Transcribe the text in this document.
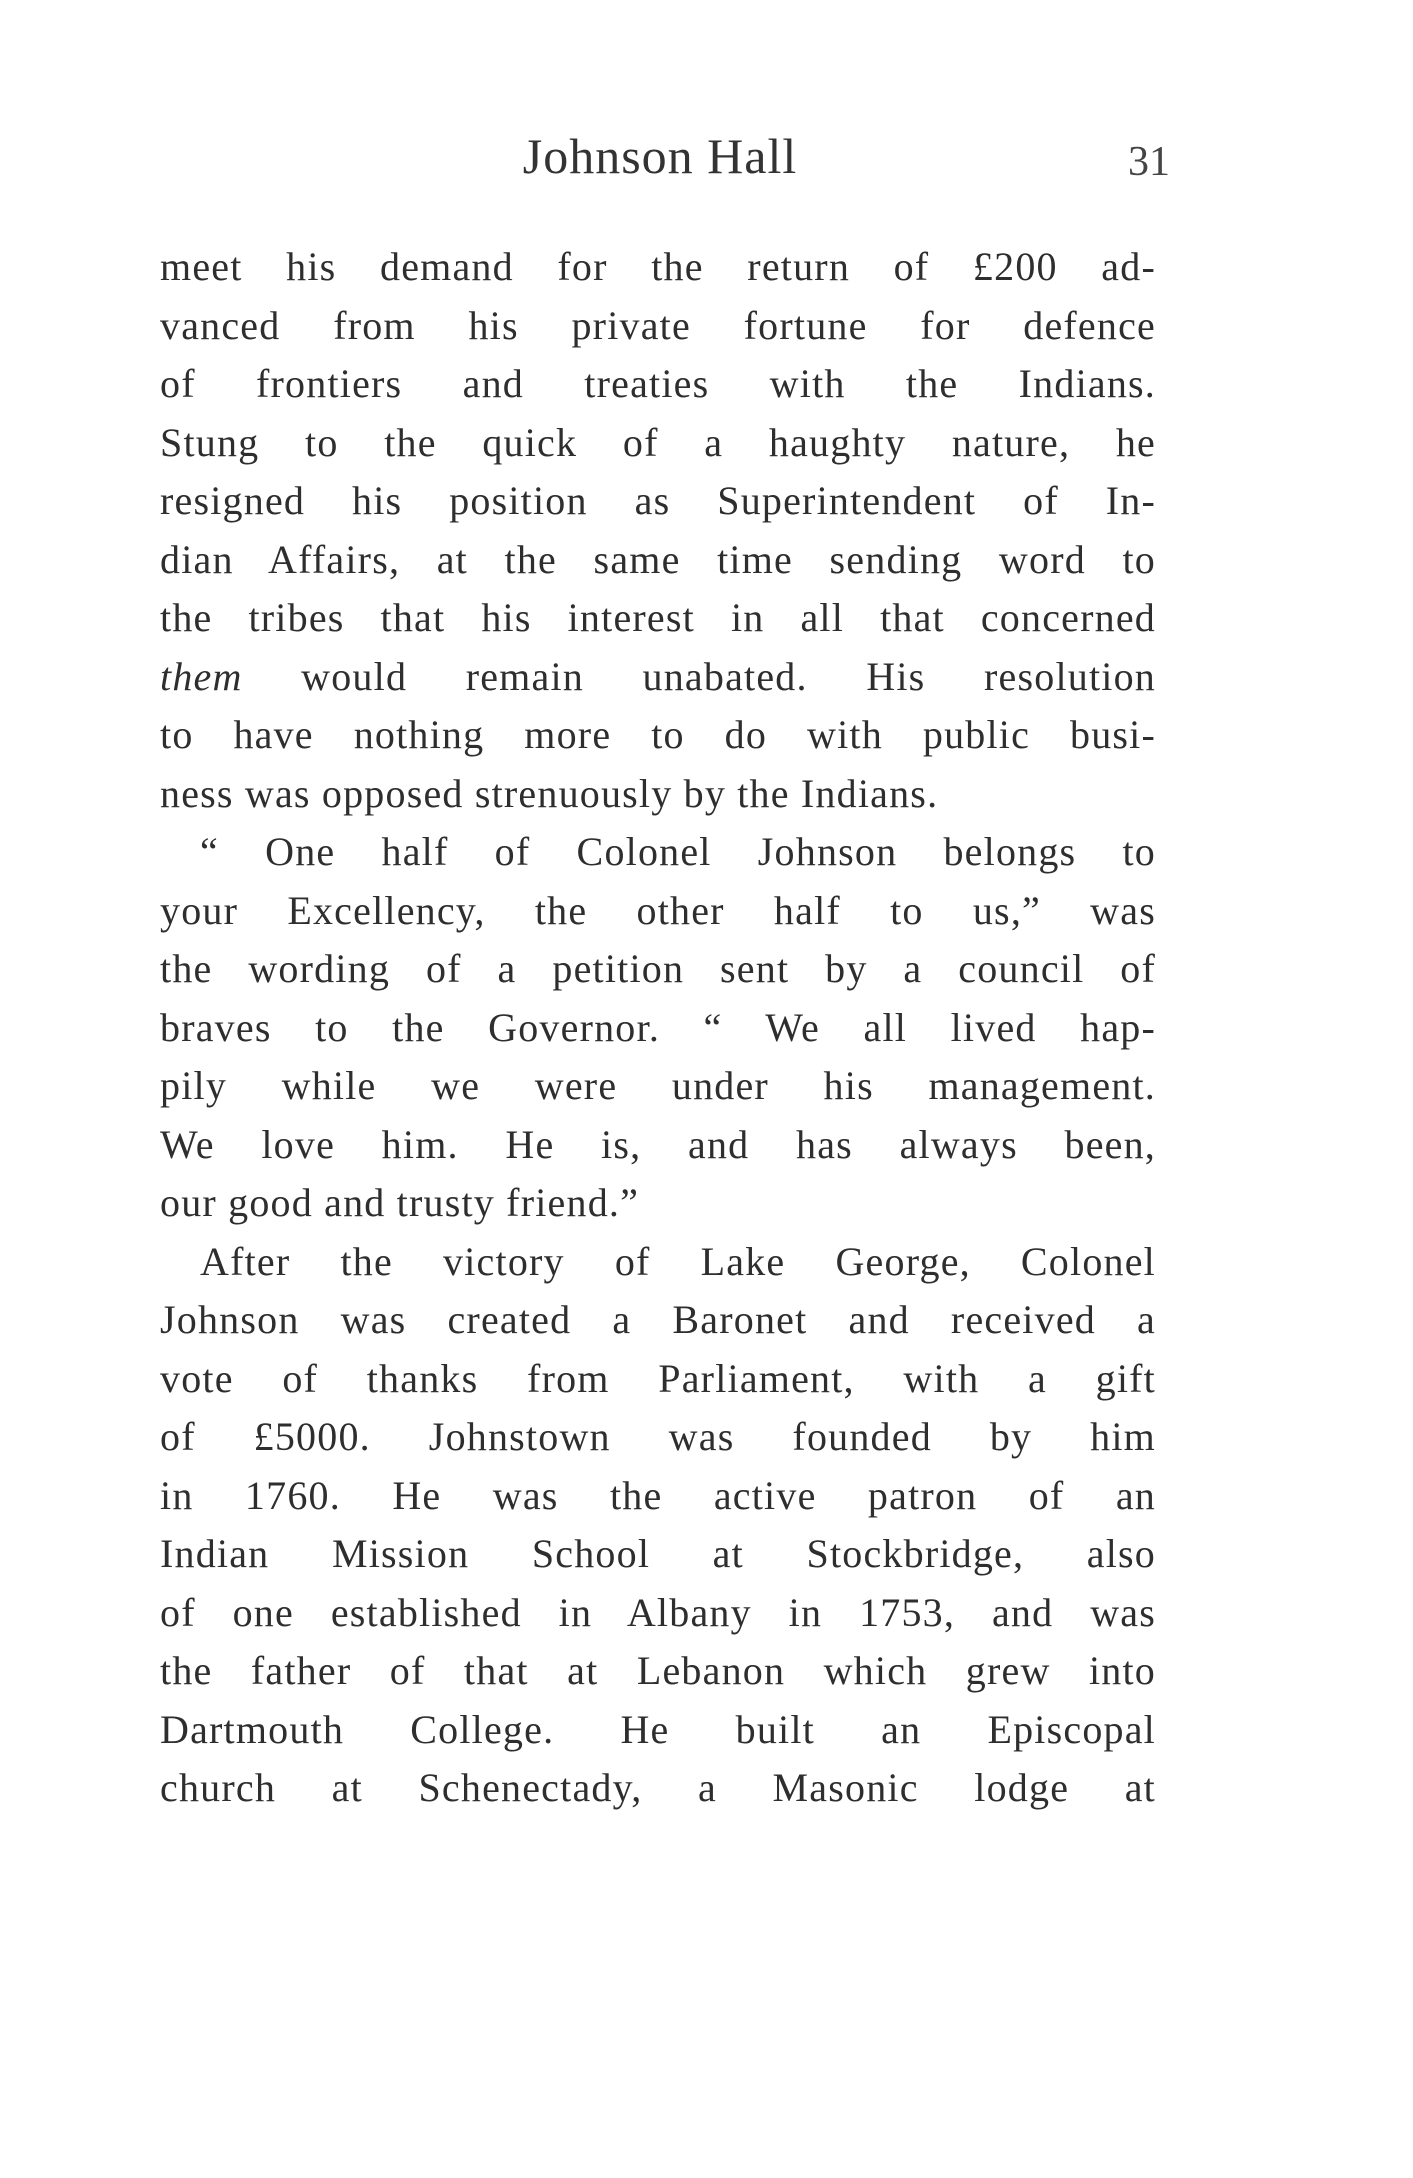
Johnson Hall	31
meet his demand for the return of £200 ad-
vanced from his private fortune for defence
of frontiers and treaties with the Indians.
Stung to the quick of a haughty nature, he
resigned his position as Superintendent of In-
dian Affairs, at the same time sending word to
the tribes that his interest in all that concerned
them would remain unabated. His resolution
to have nothing more to do with public busi-
ness was opposed strenuously by the Indians.
“ One half of Colonel Johnson belongs to
your Excellency, the other half to us,” was
the wording of a petition sent by a council of
braves to the Governor. “ We all lived hap-
pily while we were under his management.
We love him. He is, and has always been,
our good and trusty friend.”
After the victory of Lake George, Colonel
Johnson was created a Baronet and received a
vote of thanks from Parliament, with a gift
of £5000. Johnstown was founded by him
in 1760. He was the active patron of an
Indian Mission School at Stockbridge, also
of one established in Albany in 1753, and was
the father of that at Lebanon which grew into
Dartmouth College. He built an Episcopal
church at Schenectady, a Masonic lodge at
